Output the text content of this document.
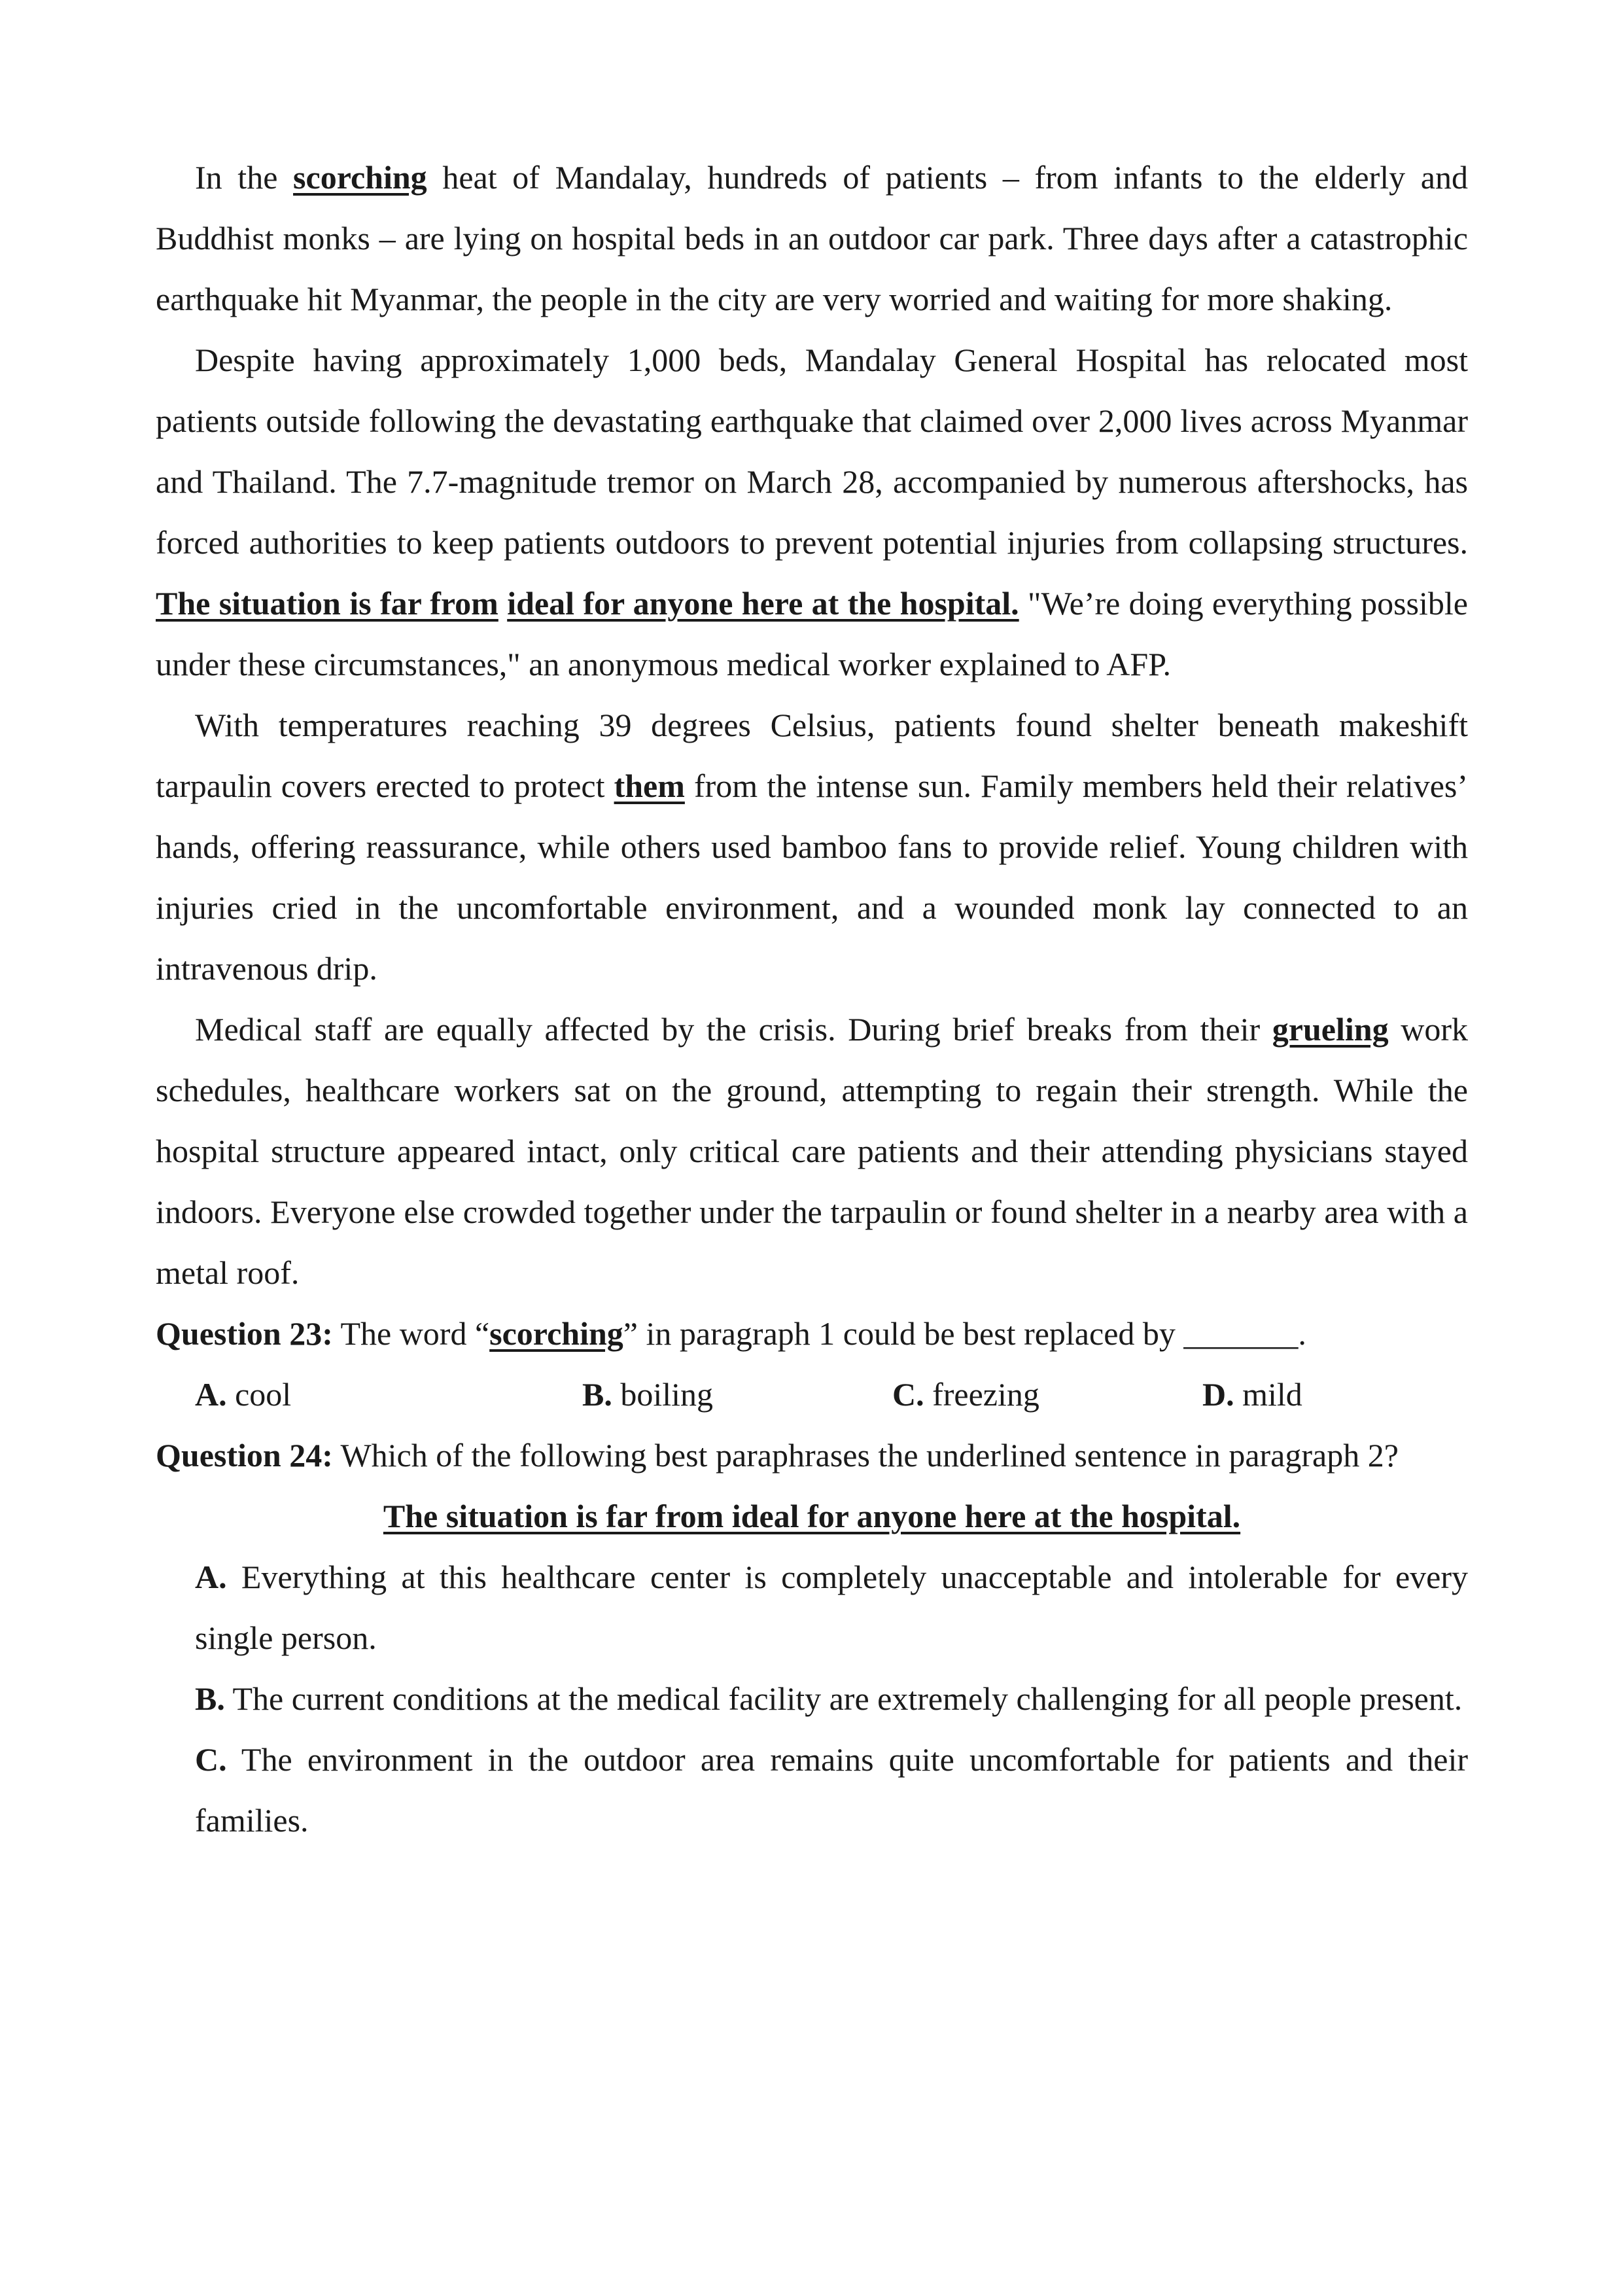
In the scorching heat of Mandalay, hundreds of patients – from infants to the elderly and Buddhist monks – are lying on hospital beds in an outdoor car park. Three days after a catastrophic earthquake hit Myanmar, the people in the city are very worried and waiting for more shaking.

Despite having approximately 1,000 beds, Mandalay General Hospital has relocated most patients outside following the devastating earthquake that claimed over 2,000 lives across Myanmar and Thailand. The 7.7-magnitude tremor on March 28, accompanied by numerous aftershocks, has forced authorities to keep patients outdoors to prevent potential injuries from collapsing structures. The situation is far from ideal for anyone here at the hospital. "We’re doing everything possible under these circumstances," an anonymous medical worker explained to AFP.

With temperatures reaching 39 degrees Celsius, patients found shelter beneath makeshift tarpaulin covers erected to protect them from the intense sun. Family members held their relatives’ hands, offering reassurance, while others used bamboo fans to provide relief. Young children with injuries cried in the uncomfortable environment, and a wounded monk lay connected to an intravenous drip.

Medical staff are equally affected by the crisis. During brief breaks from their grueling work schedules, healthcare workers sat on the ground, attempting to regain their strength. While the hospital structure appeared intact, only critical care patients and their attending physicians stayed indoors. Everyone else crowded together under the tarpaulin or found shelter in a nearby area with a metal roof.

Question 23: The word “scorching” in paragraph 1 could be best replaced by _______.

A. cool	B. boiling	C. freezing	D. mild

Question 24: Which of the following best paraphrases the underlined sentence in paragraph 2?

The situation is far from ideal for anyone here at the hospital.

A. Everything at this healthcare center is completely unacceptable and intolerable for every single person.

B. The current conditions at the medical facility are extremely challenging for all people present.

C. The environment in the outdoor area remains quite uncomfortable for patients and their families.
